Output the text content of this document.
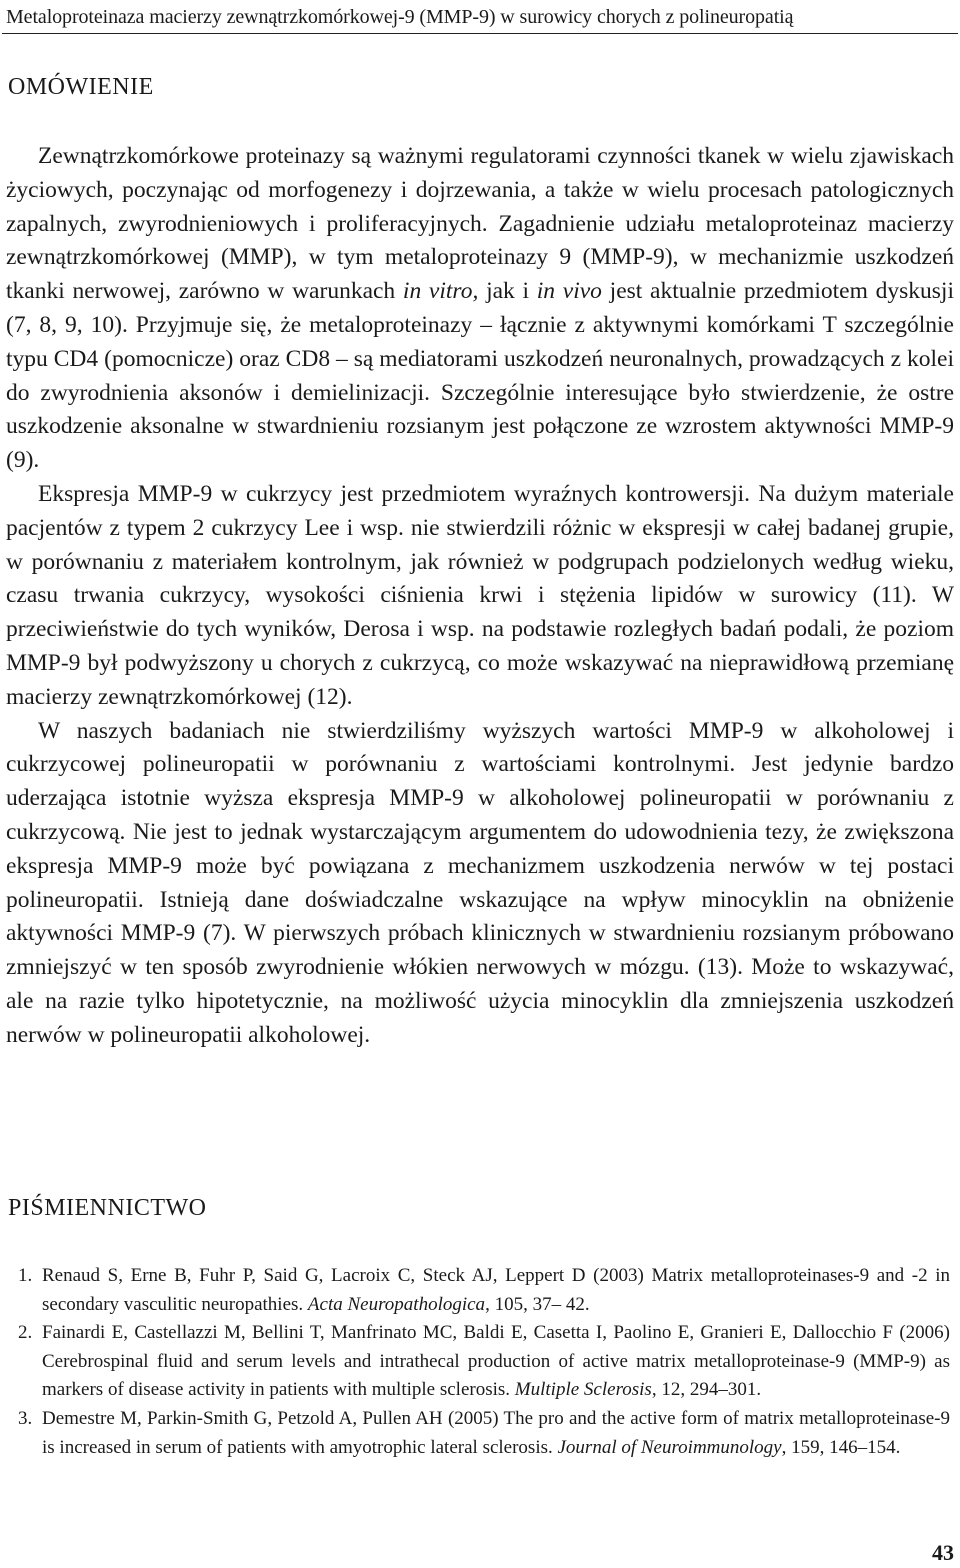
Metaloproteinaza macierzy zewnątrzkomórkowej-9 (MMP-9) w surowicy chorych z polineuropatią
OMÓWIENIE

Zewnątrzkomórkowe proteinazy są ważnymi regulatorami czynności tkanek w wielu zjawiskach życiowych, poczynając od morfogenezy i dojrzewania, a także w wielu procesach patologicznych zapalnych, zwyrodnieniowych i proliferacyjnych. Zagadnienie udziału metaloproteinaz macierzy zewnątrzkomórkowej (MMP), w tym metaloproteinazy 9 (MMP-9), w mechanizmie uszkodzeń tkanki nerwowej, zarówno w warunkach in vitro, jak i in vivo jest aktualnie przedmiotem dyskusji (7, 8, 9, 10). Przyjmuje się, że metaloproteinazy – łącznie z aktywnymi komórkami T szczególnie typu CD4 (pomocnicze) oraz CD8 – są mediatorami uszkodzeń neuronalnych, prowadzących z kolei do zwyrodnienia aksonów i demielinizacji. Szczególnie interesujące było stwierdzenie, że ostre uszkodzenie aksonalne w stwardnieniu rozsianym jest połączone ze wzrostem aktywności MMP-9 (9).

Ekspresja MMP-9 w cukrzycy jest przedmiotem wyraźnych kontrowersji. Na dużym materiale pacjentów z typem 2 cukrzycy Lee i wsp. nie stwierdzili różnic w ekspresji w całej badanej grupie, w porównaniu z materiałem kontrolnym, jak również w podgrupach podzielonych według wieku, czasu trwania cukrzycy, wysokości ciśnienia krwi i stężenia lipidów w surowicy (11). W przeciwieństwie do tych wyników, Derosa i wsp. na podstawie rozległych badań podali, że poziom MMP-9 był podwyższony u chorych z cukrzycą, co może wskazywać na nieprawidłową przemianę macierzy zewnątrzkomórkowej (12).

W naszych badaniach nie stwierdziliśmy wyższych wartości MMP-9 w alkoholowej i cukrzycowej polineuropatii w porównaniu z wartościami kontrolnymi. Jest jedynie bardzo uderzająca istotnie wyższa ekspresja MMP-9 w alkoholowej polineuropatii w porównaniu z cukrzycową. Nie jest to jednak wystarczającym argumentem do udowodnienia tezy, że zwiększona ekspresja MMP-9 może być powiązana z mechanizmem uszkodzenia nerwów w tej postaci polineuropatii. Istnieją dane doświadczalne wskazujące na wpływ minocyklin na obniżenie aktywności MMP-9 (7). W pierwszych próbach klinicznych w stwardnieniu rozsianym próbowano zmniejszyć w ten sposób zwyrodnienie włókien nerwowych w mózgu. (13). Może to wskazywać, ale na razie tylko hipotetycznie, na możliwość użycia minocyklin dla zmniejszenia uszkodzeń nerwów w polineuropatii alkoholowej.

PIŚMIENNICTWO
1. Renaud S, Erne B, Fuhr P, Said G, Lacroix C, Steck AJ, Leppert D (2003) Matrix metalloproteinases-9 and -2 in secondary vasculitic neuropathies. Acta Neuropathologica, 105, 37– 42.
2. Fainardi E, Castellazzi M, Bellini T, Manfrinato MC, Baldi E, Casetta I, Paolino E, Granieri E, Dallocchio F (2006) Cerebrospinal fluid and serum levels and intrathecal production of active matrix metalloproteinase-9 (MMP-9) as markers of disease activity in patients with multiple sclerosis. Multiple Sclerosis, 12, 294–301.
3. Demestre M, Parkin-Smith G, Petzold A, Pullen AH (2005) The pro and the active form of matrix metalloproteinase-9 is increased in serum of patients with amyotrophic lateral sclerosis. Journal of Neuroimmunology, 159, 146–154.
43
